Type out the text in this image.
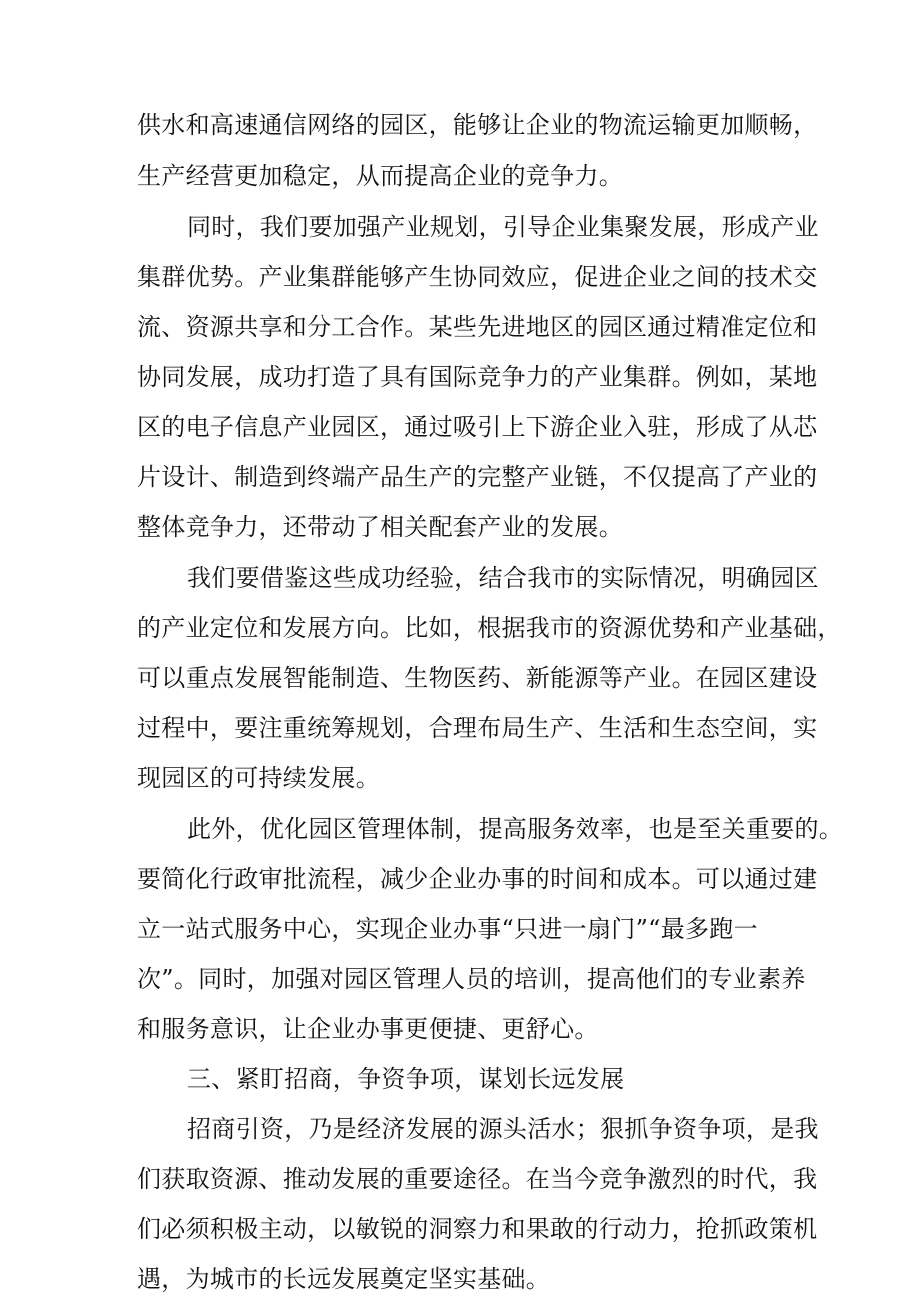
供水和高速通信网络的园区，能够让企业的物流运输更加顺畅，
生产经营更加稳定，从而提高企业的竞争力。
同时，我们要加强产业规划，引导企业集聚发展，形成产业
集群优势。产业集群能够产生协同效应，促进企业之间的技术交
流、资源共享和分工合作。某些先进地区的园区通过精准定位和
协同发展，成功打造了具有国际竞争力的产业集群。例如，某地
区的电子信息产业园区，通过吸引上下游企业入驻，形成了从芯
片设计、制造到终端产品生产的完整产业链，不仅提高了产业的
整体竞争力，还带动了相关配套产业的发展。
我们要借鉴这些成功经验，结合我市的实际情况，明确园区
的产业定位和发展方向。比如，根据我市的资源优势和产业基础，
可以重点发展智能制造、生物医药、新能源等产业。在园区建设
过程中，要注重统筹规划，合理布局生产、生活和生态空间，实
现园区的可持续发展。
此外，优化园区管理体制，提高服务效率，也是至关重要的。
要简化行政审批流程，减少企业办事的时间和成本。可以通过建
立一站式服务中心，实现企业办事“只进一扇门”“最多跑一
次”。同时，加强对园区管理人员的培训，提高他们的专业素养
和服务意识，让企业办事更便捷、更舒心。
三、紧盯招商，争资争项，谋划长远发展
招商引资，乃是经济发展的源头活水；狠抓争资争项，是我
们获取资源、推动发展的重要途径。在当今竞争激烈的时代，我
们必须积极主动，以敏锐的洞察力和果敢的行动力，抢抓政策机
遇，为城市的长远发展奠定坚实基础。
